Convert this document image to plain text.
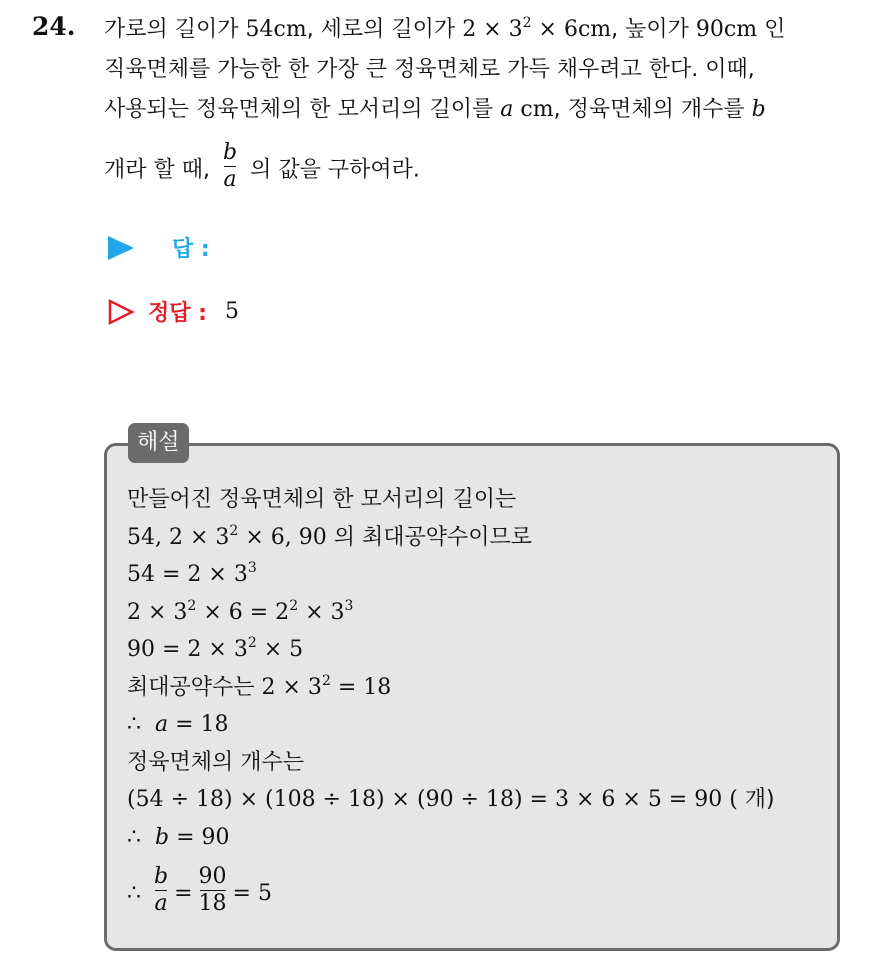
24. 가로의 길이가 54cm, 세로의 길이가 $2 \times 3^2 \times 6cm$, 높이가 90cm 인
직육면체를 가능한 한 가장 큰 정육면체로 가득 채우려고 한다. 이때,
사용되는 정육면체의 한 모서리의 길이를 a cm, 정육면체의 개수를 b
개라 할 때, $\frac{b}{a}$ 의 값을 구하여라.
답 :
정답 : 5
해설
만들어진 정육면체의 한 모서리의 길이는
54, $2 \times 3^2 \times 6$, 90 의 최대공약수이므로
$54 = 2 \times 3^3$
$2 \times 3^2 \times 6 = 2^2 \times 3^3$
$90 = 2 \times 3^2 \times 5$
최대공약수는 $2 \times 3^2 = 18$
∴ a = 18
정육면체의 개수는
(54 ÷ 18) × (108 ÷ 18) × (90 ÷ 18) = 3 × 6 × 5 = 90 ( 개)
∴ b = 90
∴ $\frac{b}{a} = \frac{90}{18} = 5$
